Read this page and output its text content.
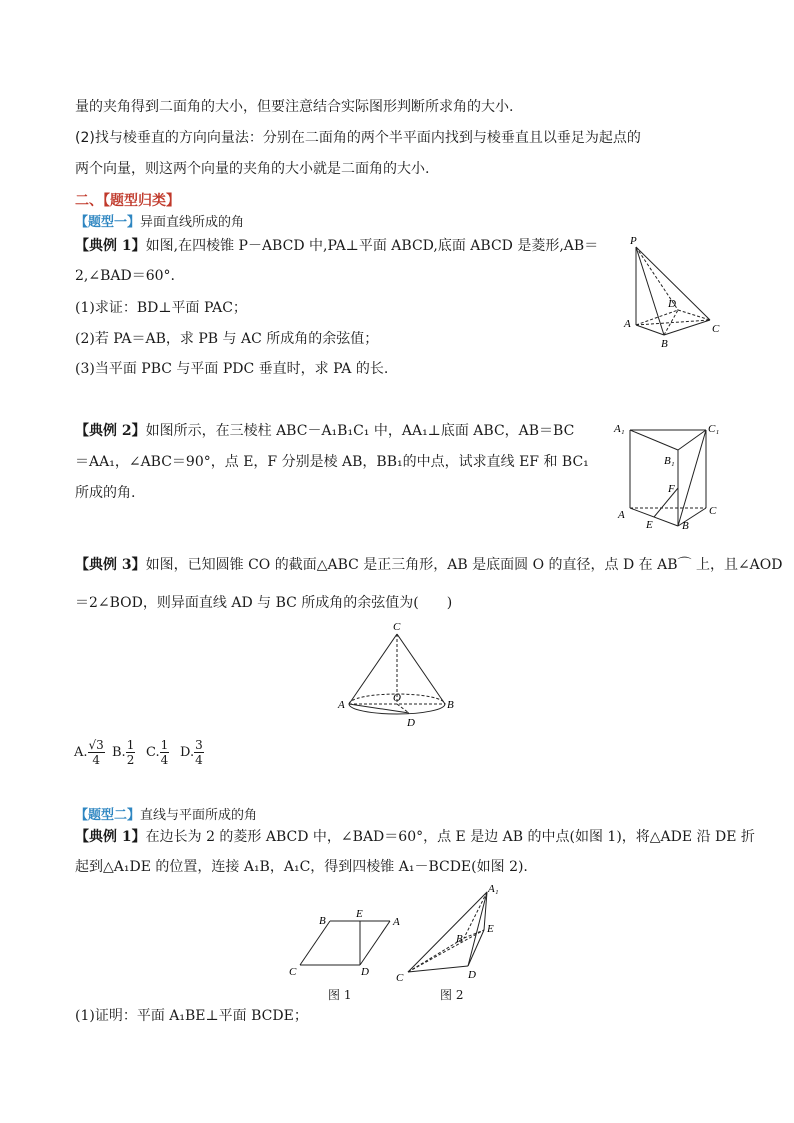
量的夹角得到二面角的大小，但要注意结合实际图形判断所求角的大小.
(2)找与棱垂直的方向向量法：分别在二面角的两个半平面内找到与棱垂直且以垂足为起点的
两个向量，则这两个向量的夹角的大小就是二面角的大小.
二、【题型归类】
【题型一】异面直线所成的角
【典例 1】如图,在四棱锥 P－ABCD 中,PA⊥平面 ABCD,底面 ABCD 是菱形,AB＝
2,∠BAD＝60°.
(1)求证：BD⊥平面 PAC；
(2)若 PA＝AB，求 PB 与 AC 所成角的余弦值；
(3)当平面 PBC 与平面 PDC 垂直时，求 PA 的长.
P
A
B
C
D
【典例 2】如图所示，在三棱柱 ABC－A₁B₁C₁ 中，AA₁⊥底面 ABC，AB＝BC
＝AA₁，∠ABC＝90°，点 E，F 分别是棱 AB，BB₁的中点，试求直线 EF 和 BC₁
所成的角.
A₁	C₁
B₁
F
A
E	B
C
【典例 3】如图，已知圆锥 CO 的截面△ABC 是正三角形，AB 是底面圆 O 的直径，点 D 在 AB⌒ 上，且∠AOD
＝2∠BOD，则异面直线 AD 与 BC 所成角的余弦值为(　　)
C
A	B
O
D
A. $\frac{√3}{4} B$. $\frac{1}{2} C$. $\frac{1}{4} D$. $\frac{3}{4}$
【题型二】直线与平面所成的角
【典例 1】在边长为 2 的菱形 ABCD 中，∠BAD＝60°，点 E 是边 AB 的中点(如图 1)，将△ADE 沿 DE 折
起到△A₁DE 的位置，连接 A₁B，A₁C，得到四棱锥 A₁－BCDE(如图 2).
B
E
A
C	D
A₁
B
E
C	D
图 1	图 2
(1)证明：平面 A₁BE⊥平面 BCDE；
